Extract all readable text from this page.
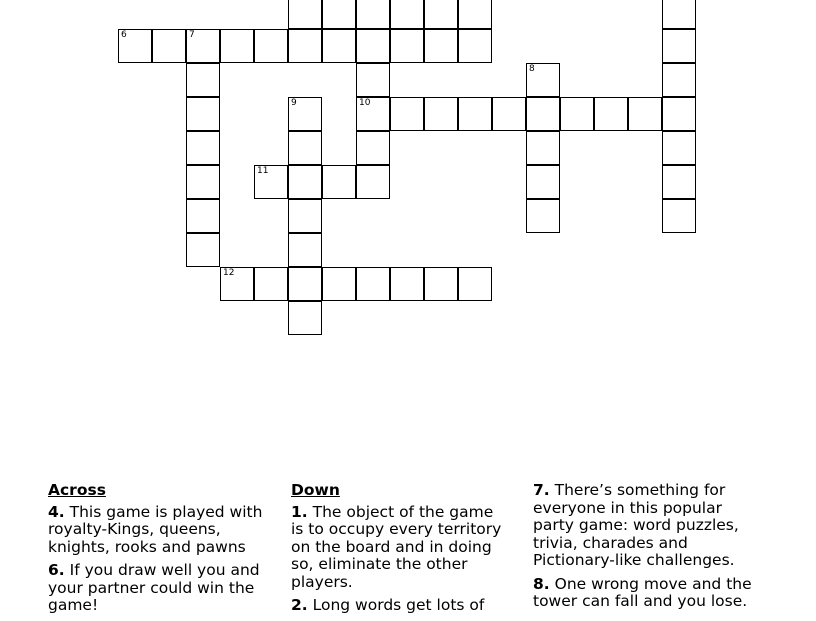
6	7
8
9	10
11
12
Across
4. This game is played with royalty-Kings, queens, knights, rooks and pawns
6. If you draw well you and your partner could win the game!
Down
1. The object of the game is to occupy every territory on the board and in doing so, eliminate the other players.
2. Long words get lots of
7. There’s something for everyone in this popular party game: word puzzles, trivia, charades and Pictionary-like challenges.
8. One wrong move and the tower can fall and you lose.
